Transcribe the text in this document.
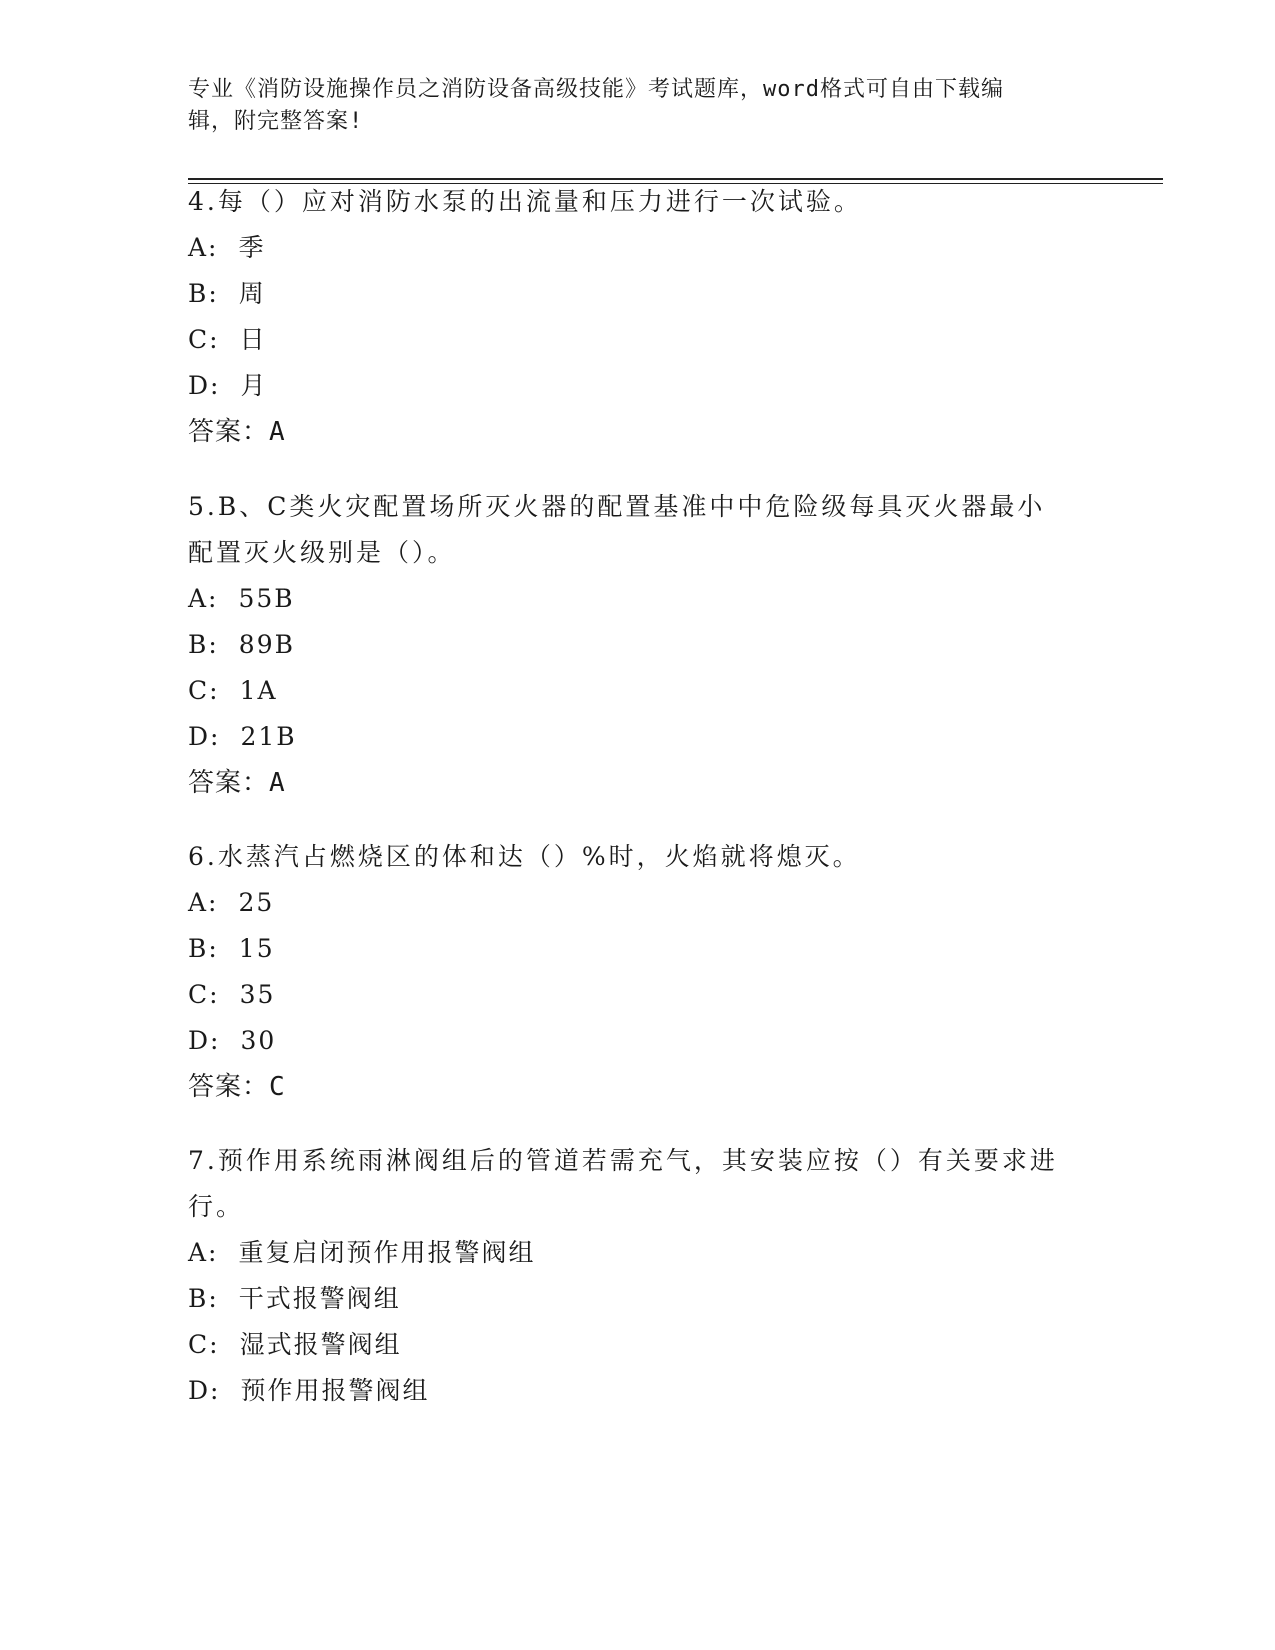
专业《消防设施操作员之消防设备高级技能》考试题库，word格式可自由下载编
辑，附完整答案!

4.每（）应对消防水泵的出流量和压力进行一次试验。

A: 季

B: 周

C: 日

D: 月

答案：A

5.B、C类火灾配置场所灭火器的配置基准中中危险级每具灭火器最小配置灭火级别是（）。

A: 55B

B: 89B

C: 1A

D: 21B

答案：A

6.水蒸汽占燃烧区的体和达（）%时，火焰就将熄灭。

A: 25

B: 15

C: 35

D: 30

答案：C

7.预作用系统雨淋阀组后的管道若需充气，其安装应按（）有关要求进行。

A: 重复启闭预作用报警阀组

B: 干式报警阀组

C: 湿式报警阀组

D: 预作用报警阀组
